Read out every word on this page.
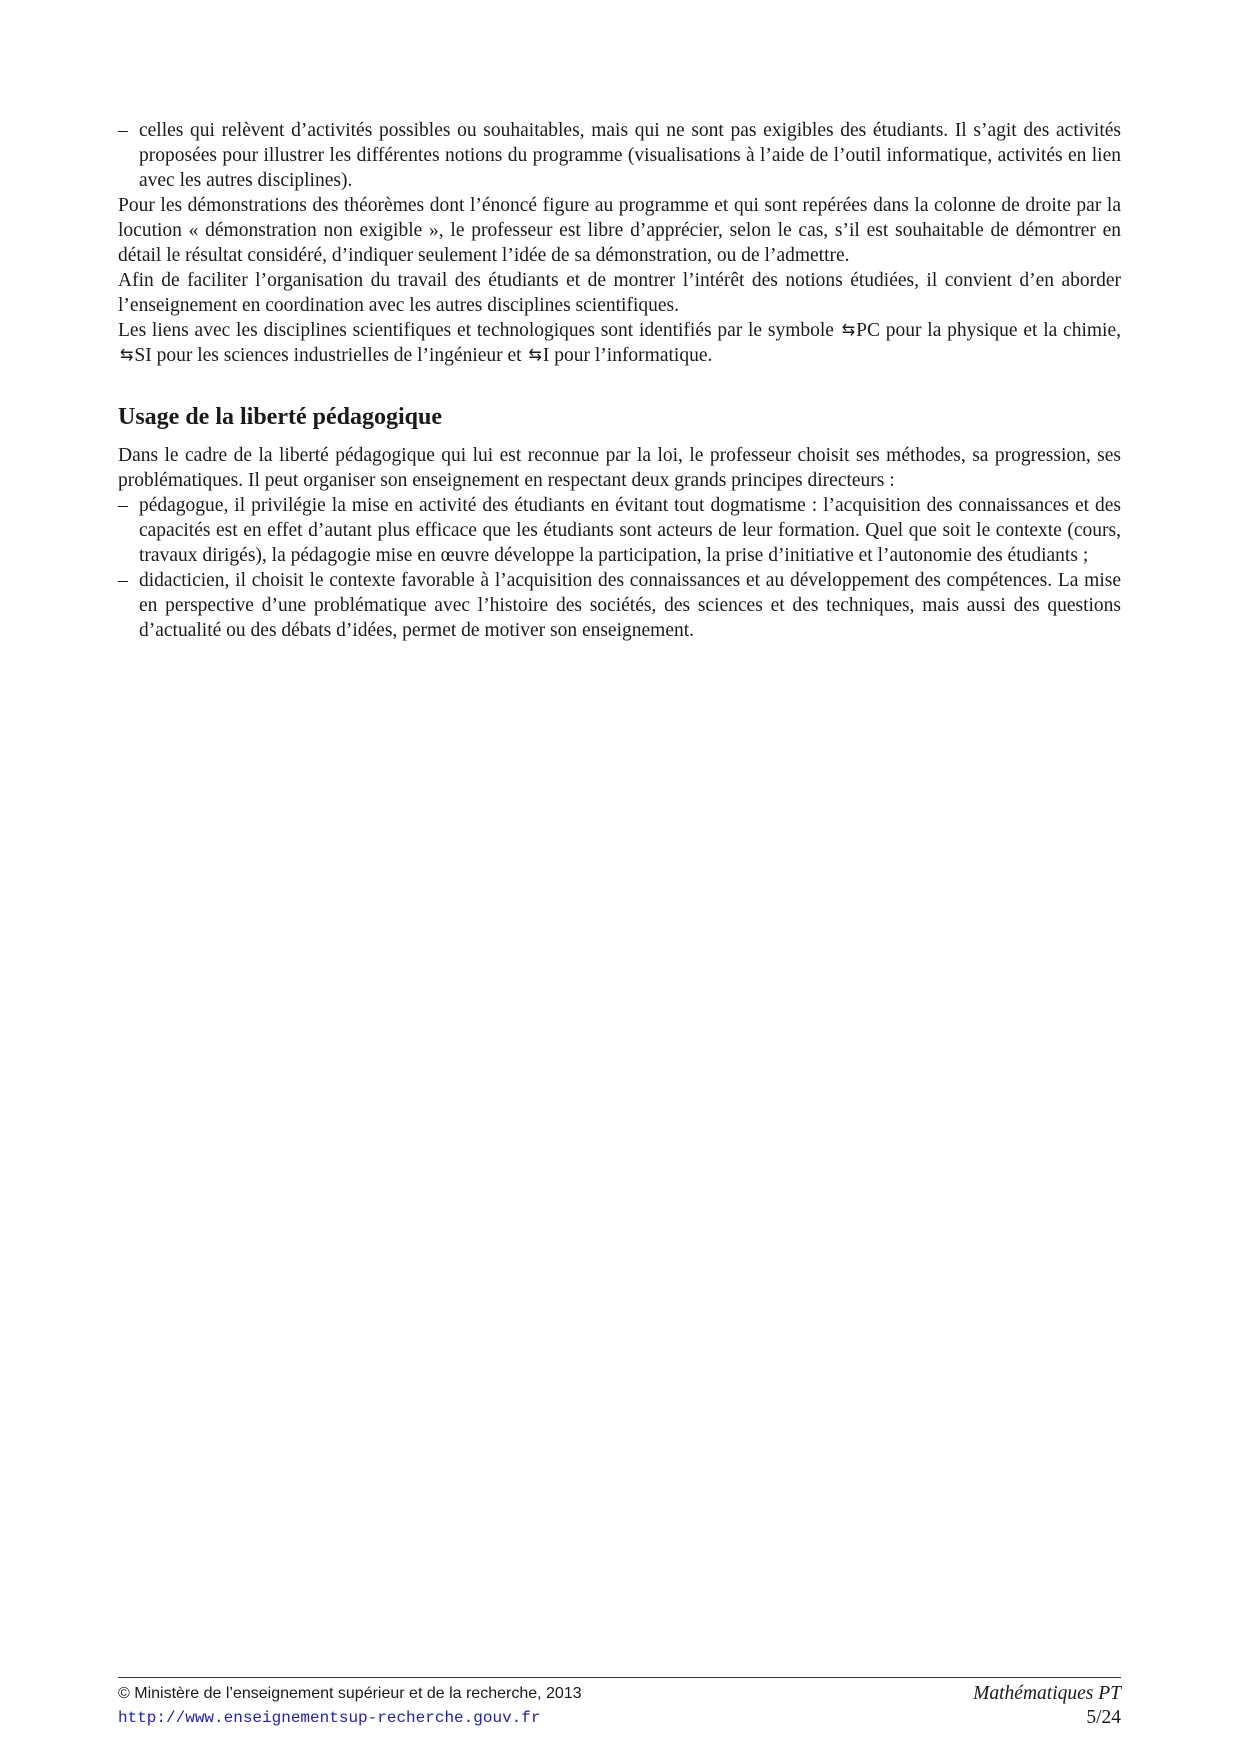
– celles qui relèvent d’activités possibles ou souhaitables, mais qui ne sont pas exigibles des étudiants. Il s’agit des activités proposées pour illustrer les différentes notions du programme (visualisations à l’aide de l’outil informatique, activités en lien avec les autres disciplines).

Pour les démonstrations des théorèmes dont l’énoncé figure au programme et qui sont repérées dans la colonne de droite par la locution « démonstration non exigible », le professeur est libre d’apprécier, selon le cas, s’il est souhaitable de démontrer en détail le résultat considéré, d’indiquer seulement l’idée de sa démonstration, ou de l’admettre.

Afin de faciliter l’organisation du travail des étudiants et de montrer l’intérêt des notions étudiées, il convient d’en aborder l’enseignement en coordination avec les autres disciplines scientifiques.

Les liens avec les disciplines scientifiques et technologiques sont identifiés par le symbole ⇆ PC pour la physique et la chimie, ⇆ SI pour les sciences industrielles de l’ingénieur et ⇆ I pour l’informatique.

Usage de la liberté pédagogique

Dans le cadre de la liberté pédagogique qui lui est reconnue par la loi, le professeur choisit ses méthodes, sa progression, ses problématiques. Il peut organiser son enseignement en respectant deux grands principes directeurs :

– pédagogue, il privilégie la mise en activité des étudiants en évitant tout dogmatisme : l’acquisition des connaissances et des capacités est en effet d’autant plus efficace que les étudiants sont acteurs de leur formation. Quel que soit le contexte (cours, travaux dirigés), la pédagogie mise en œuvre développe la participation, la prise d’initiative et l’autonomie des étudiants ;
– didacticien, il choisit le contexte favorable à l’acquisition des connaissances et au développement des compétences. La mise en perspective d’une problématique avec l’histoire des sociétés, des sciences et des techniques, mais aussi des questions d’actualité ou des débats d’idées, permet de motiver son enseignement.
© Ministère de l’enseignement supérieur et de la recherche, 2013
http://www.enseignementsup-recherche.gouv.fr
Mathématiques PT
5/24
